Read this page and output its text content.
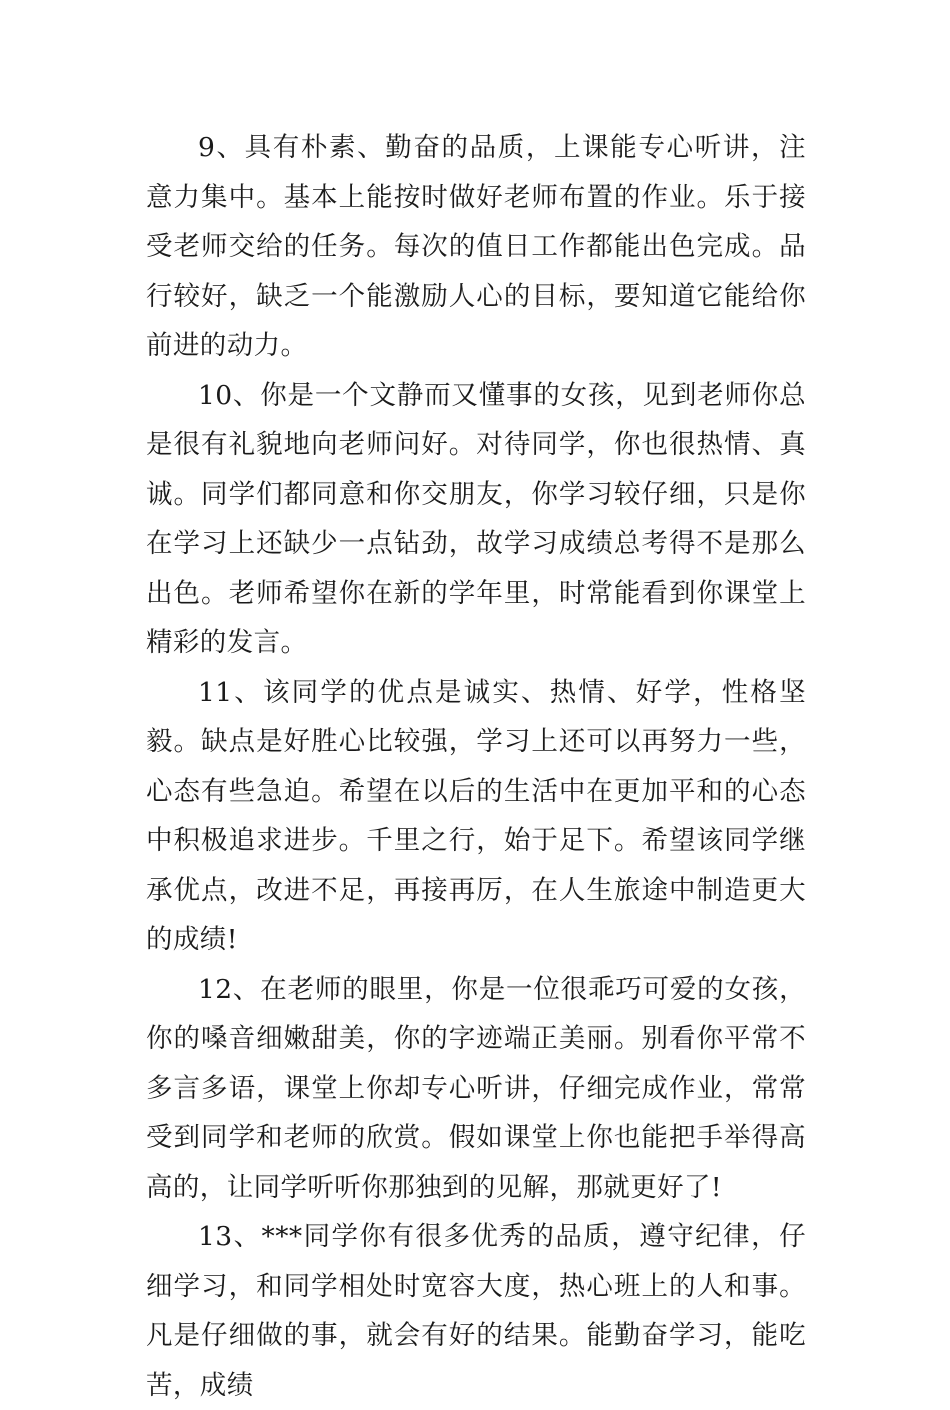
9、具有朴素、勤奋的品质，上课能专心听讲，注意力集中。基本上能按时做好老师布置的作业。乐于接受老师交给的任务。每次的值日工作都能出色完成。品行较好，缺乏一个能激励人心的目标，要知道它能给你前进的动力。

10、你是一个文静而又懂事的女孩，见到老师你总是很有礼貌地向老师问好。对待同学，你也很热情、真诚。同学们都同意和你交朋友，你学习较仔细，只是你在学习上还缺少一点钻劲，故学习成绩总考得不是那么出色。老师希望你在新的学年里，时常能看到你课堂上精彩的发言。

11、该同学的优点是诚实、热情、好学，性格坚毅。缺点是好胜心比较强，学习上还可以再努力一些，心态有些急迫。希望在以后的生活中在更加平和的心态中积极追求进步。千里之行，始于足下。希望该同学继承优点，改进不足，再接再厉，在人生旅途中制造更大的成绩!

12、在老师的眼里，你是一位很乖巧可爱的女孩，你的嗓音细嫩甜美，你的字迹端正美丽。别看你平常不多言多语，课堂上你却专心听讲，仔细完成作业，常常受到同学和老师的欣赏。假如课堂上你也能把手举得高高的，让同学听听你那独到的见解，那就更好了!

13、***同学你有很多优秀的品质，遵守纪律，仔细学习，和同学相处时宽容大度，热心班上的人和事。凡是仔细做的事，就会有好的结果。能勤奋学习，能吃苦，成绩
